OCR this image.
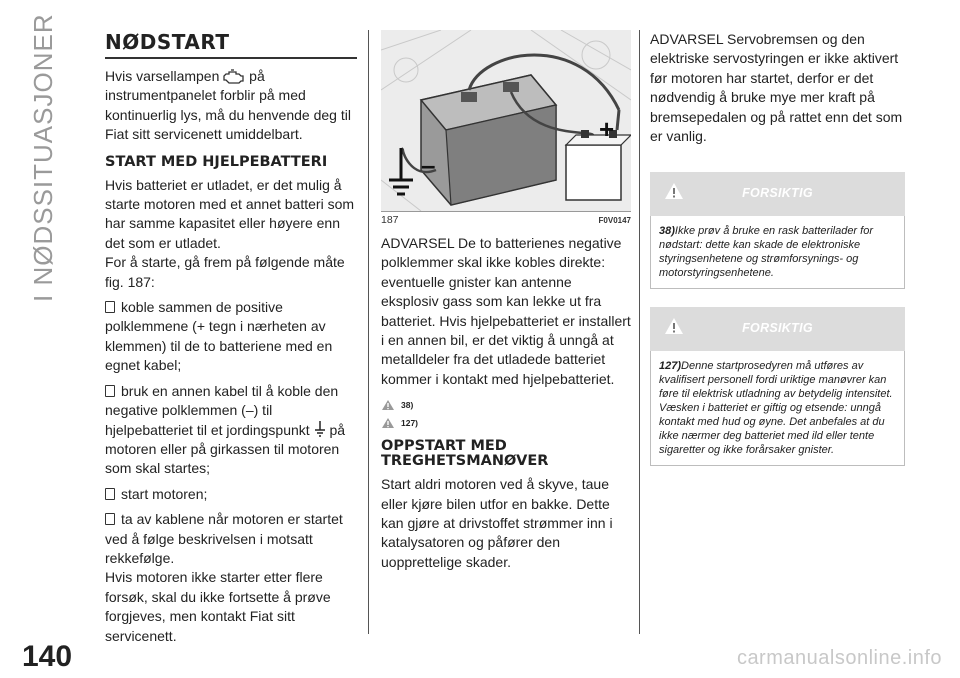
I NØDSSITUASJONER NØDSTART

Hvis varsellampen på instrumentpanelet forblir på med kontinuerlig lys, må du henvende deg til Fiat sitt servicenett umiddelbart.

START MED HJELPEBATTERI

Hvis batteriet er utladet, er det mulig å starte motoren med et annet batteri som har samme kapasitet eller høyere enn det som er utladet.

For å starte, gå frem på følgende måte fig. 187:

koble sammen de positive polklemmene (+ tegn i nærheten av klemmen) til de to batteriene med en egnet kabel;

bruk en annen kabel til å koble den negative polklemmen (–) til hjelpebatteriet til et jordingspunkt på motoren eller på girkassen til motoren som skal startes;

start motoren;

ta av kablene når motoren er startet ved å følge beskrivelsen i motsatt rekkefølge.

Hvis motoren ikke starter etter flere forsøk, skal du ikke fortsette å prøve forgjeves, men kontakt Fiat sitt servicenett.

+
–
187	F0V0147

ADVARSEL De to batterienes negative polklemmer skal ikke kobles direkte: eventuelle gnister kan antenne eksplosiv gass som kan lekke ut fra batteriet. Hvis hjelpebatteriet er installert i en annen bil, er det viktig å unngå at metalldeler fra det utladede batteriet kommer i kontakt med hjelpebatteriet.

38)
127)
OPPSTART MED TREGHETSMANØVER

Start aldri motoren ved å skyve, taue eller kjøre bilen utfor en bakke. Dette kan gjøre at drivstoffet strømmer inn i katalysatoren og påfører den uopprettelige skader.

ADVARSEL Servobremsen og den elektriske servostyringen er ikke aktivert før motoren har startet, derfor er det nødvendig å bruke mye mer kraft på bremsepedalen og på rattet enn det som er vanlig.

FORSIKTIG
38)Ikke prøv å bruke en rask batterilader for nødstart: dette kan skade de elektroniske styringsenhetene og strømforsynings- og motorstyringsenhetene.
FORSIKTIG
127)Denne startprosedyren må utføres av kvalifisert personell fordi uriktige manøvrer kan føre til elektrisk utladning av betydelig intensitet. Væsken i batteriet er giftig og etsende: unngå kontakt med hud og øyne. Det anbefales at du ikke nærmer deg batteriet med ild eller tente sigaretter og ikke forårsaker gnister.
140	carmanualsonline.info
